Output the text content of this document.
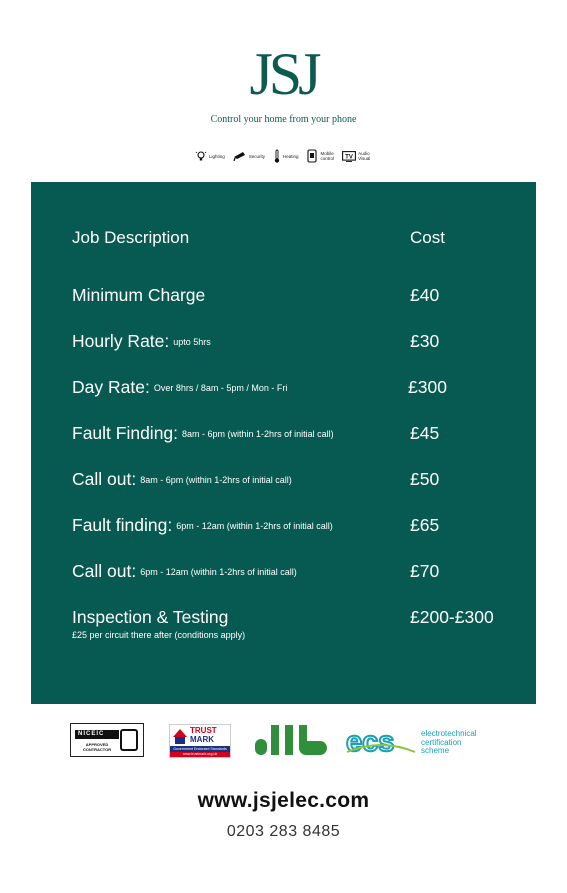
JSJ
Control your home from your phone
Lighting	Security	Heating	Mobile
control TV
Audio
Visual
Job Description	Cost
Minimum Charge	£40
Hourly Rate: $^{upto 5hrs}$	£30
Day Rate: $^{Over 8hrs / 8am - 5pm / Mon - Fri}$	£300
Fault Finding: $^{8am - 6pm (within 1-2hrs of initial call)}$	£45
Call out: $^{8am - 6pm (within 1-2hrs of initial call)}$	£50
Fault finding: $^{6pm - 12am (within 1-2hrs of initial call)}$	£65
Call out: $^{6pm - 12am (within 1-2hrs of initial call)}$	£70
Inspection & Testing	£200-£300
£25 per circuit there after (conditions apply)
NICEIC
APPROVED CONTRACTOR
TRUST
MARK
Government Endorsed Standards
www.trustmark.org.uk	ecs	electrotechnical
certification
scheme
www.jsjelec.com
0203 283 8485
